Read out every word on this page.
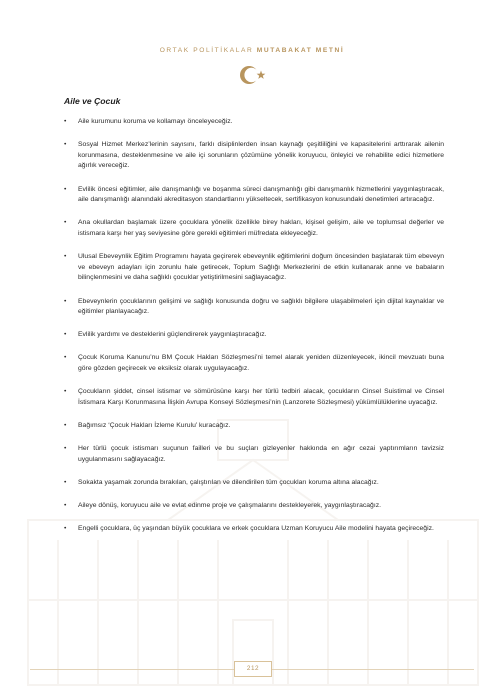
ORTAK POLİTİKALAR MUTABAKAT METNİ
Aile ve Çocuk
• Aile kurumunu koruma ve kollamayı önceleyeceğiz.
• Sosyal Hizmet Merkez’lerinin sayısını, farklı disiplinlerden insan kaynağı çeşitliliğini ve kapasitelerini arttırarak ailenin korunmasına, desteklenmesine ve aile içi sorunların çözümüne yönelik koruyucu, önleyici ve rehabilite edici hizmetlere ağırlık vereceğiz.
• Evlilik öncesi eğitimler, aile danışmanlığı ve boşanma süreci danışmanlığı gibi danışmanlık hizmetlerini yaygınlaştıracak, aile danışmanlığı alanındaki akreditasyon standartlarını yükseltecek, sertifikasyon konusundaki denetimleri artıracağız.
• Ana okullardan başlamak üzere çocuklara yönelik özellikle birey hakları, kişisel gelişim, aile ve toplumsal değerler ve istismara karşı her yaş seviyesine göre gerekli eğitimleri müfredata ekleyeceğiz.
• Ulusal Ebeveynlik Eğitim Programını hayata geçirerek ebeveynlik eğitimlerini doğum öncesinden başlatarak tüm ebeveyn ve ebeveyn adayları için zorunlu hale getirecek, Toplum Sağlığı Merkezlerini de etkin kullanarak anne ve babaların bilinçlenmesini ve daha sağlıklı çocuklar yetiştirilmesini sağlayacağız.
• Ebeveynlerin çocuklarının gelişimi ve sağlığı konusunda doğru ve sağlıklı bilgilere ulaşabilmeleri için dijital kaynaklar ve eğitimler planlayacağız.
• Evlilik yardımı ve desteklerini güçlendirerek yaygınlaştıracağız.
• Çocuk Koruma Kanunu’nu BM Çocuk Hakları Sözleşmesi’ni temel alarak yeniden düzenleyecek, ikincil mevzuatı buna göre gözden geçirecek ve eksiksiz olarak uygulayacağız.
• Çocukların şiddet, cinsel istismar ve sömürüsüne karşı her türlü tedbiri alacak, çocukların Cinsel Suistimal ve Cinsel İstismara Karşı Korunmasına İlişkin Avrupa Konseyi Sözleşmesi’nin (Lanzorete Sözleşmesi) yükümlülüklerine uyacağız.
• Bağımsız ‘Çocuk Hakları İzleme Kurulu’ kuracağız.
• Her türlü çocuk istismarı suçunun failleri ve bu suçları gizleyenler hakkında en ağır cezai yaptırımların tavizsiz uygulanmasını sağlayacağız.
• Sokakta yaşamak zorunda bırakılan, çalıştırılan ve dilendirilen tüm çocukları koruma altına alacağız.
• Aileye dönüş, koruyucu aile ve evlat edinme proje ve çalışmalarını destekleyerek, yaygınlaştıracağız.
• Engelli çocuklara, üç yaşından büyük çocuklara ve erkek çocuklara Uzman Koruyucu Aile modelini hayata geçireceğiz.
212
